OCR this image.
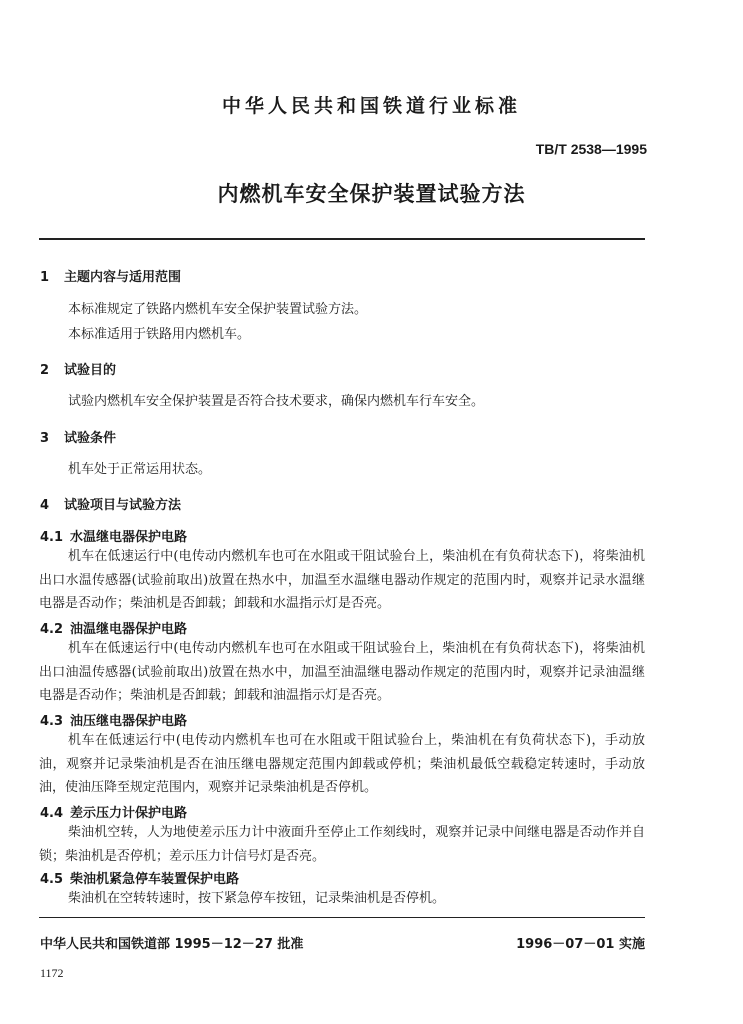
中华人民共和国铁道行业标准
TB/T 2538—1995
内燃机车安全保护装置试验方法
1 主题内容与适用范围
本标准规定了铁路内燃机车安全保护装置试验方法。
本标准适用于铁路用内燃机车。
2 试验目的
试验内燃机车安全保护装置是否符合技术要求，确保内燃机车行车安全。
3 试验条件
机车处于正常运用状态。
4 试验项目与试验方法
4.1 水温继电器保护电路
机车在低速运行中(电传动内燃机车也可在水阻或干阻试验台上，柴油机在有负荷状态下)，将柴油机出口水温传感器(试验前取出)放置在热水中，加温至水温继电器动作规定的范围内时，观察并记录水温继电器是否动作；柴油机是否卸载；卸载和水温指示灯是否亮。
4.2 油温继电器保护电路
机车在低速运行中(电传动内燃机车也可在水阻或干阻试验台上，柴油机在有负荷状态下)，将柴油机出口油温传感器(试验前取出)放置在热水中，加温至油温继电器动作规定的范围内时，观察并记录油温继电器是否动作；柴油机是否卸载；卸载和油温指示灯是否亮。
4.3 油压继电器保护电路
机车在低速运行中(电传动内燃机车也可在水阻或干阻试验台上，柴油机在有负荷状态下)，手动放油，观察并记录柴油机是否在油压继电器规定范围内卸载或停机；柴油机最低空载稳定转速时，手动放油，使油压降至规定范围内，观察并记录柴油机是否停机。
4.4 差示压力计保护电路
柴油机空转，人为地使差示压力计中液面升至停止工作刻线时，观察并记录中间继电器是否动作并自锁；柴油机是否停机；差示压力计信号灯是否亮。
4.5 柴油机紧急停车装置保护电路
柴油机在空转转速时，按下紧急停车按钮，记录柴油机是否停机。
中华人民共和国铁道部 1995－12－27 批准	1996－07－01 实施
1172
